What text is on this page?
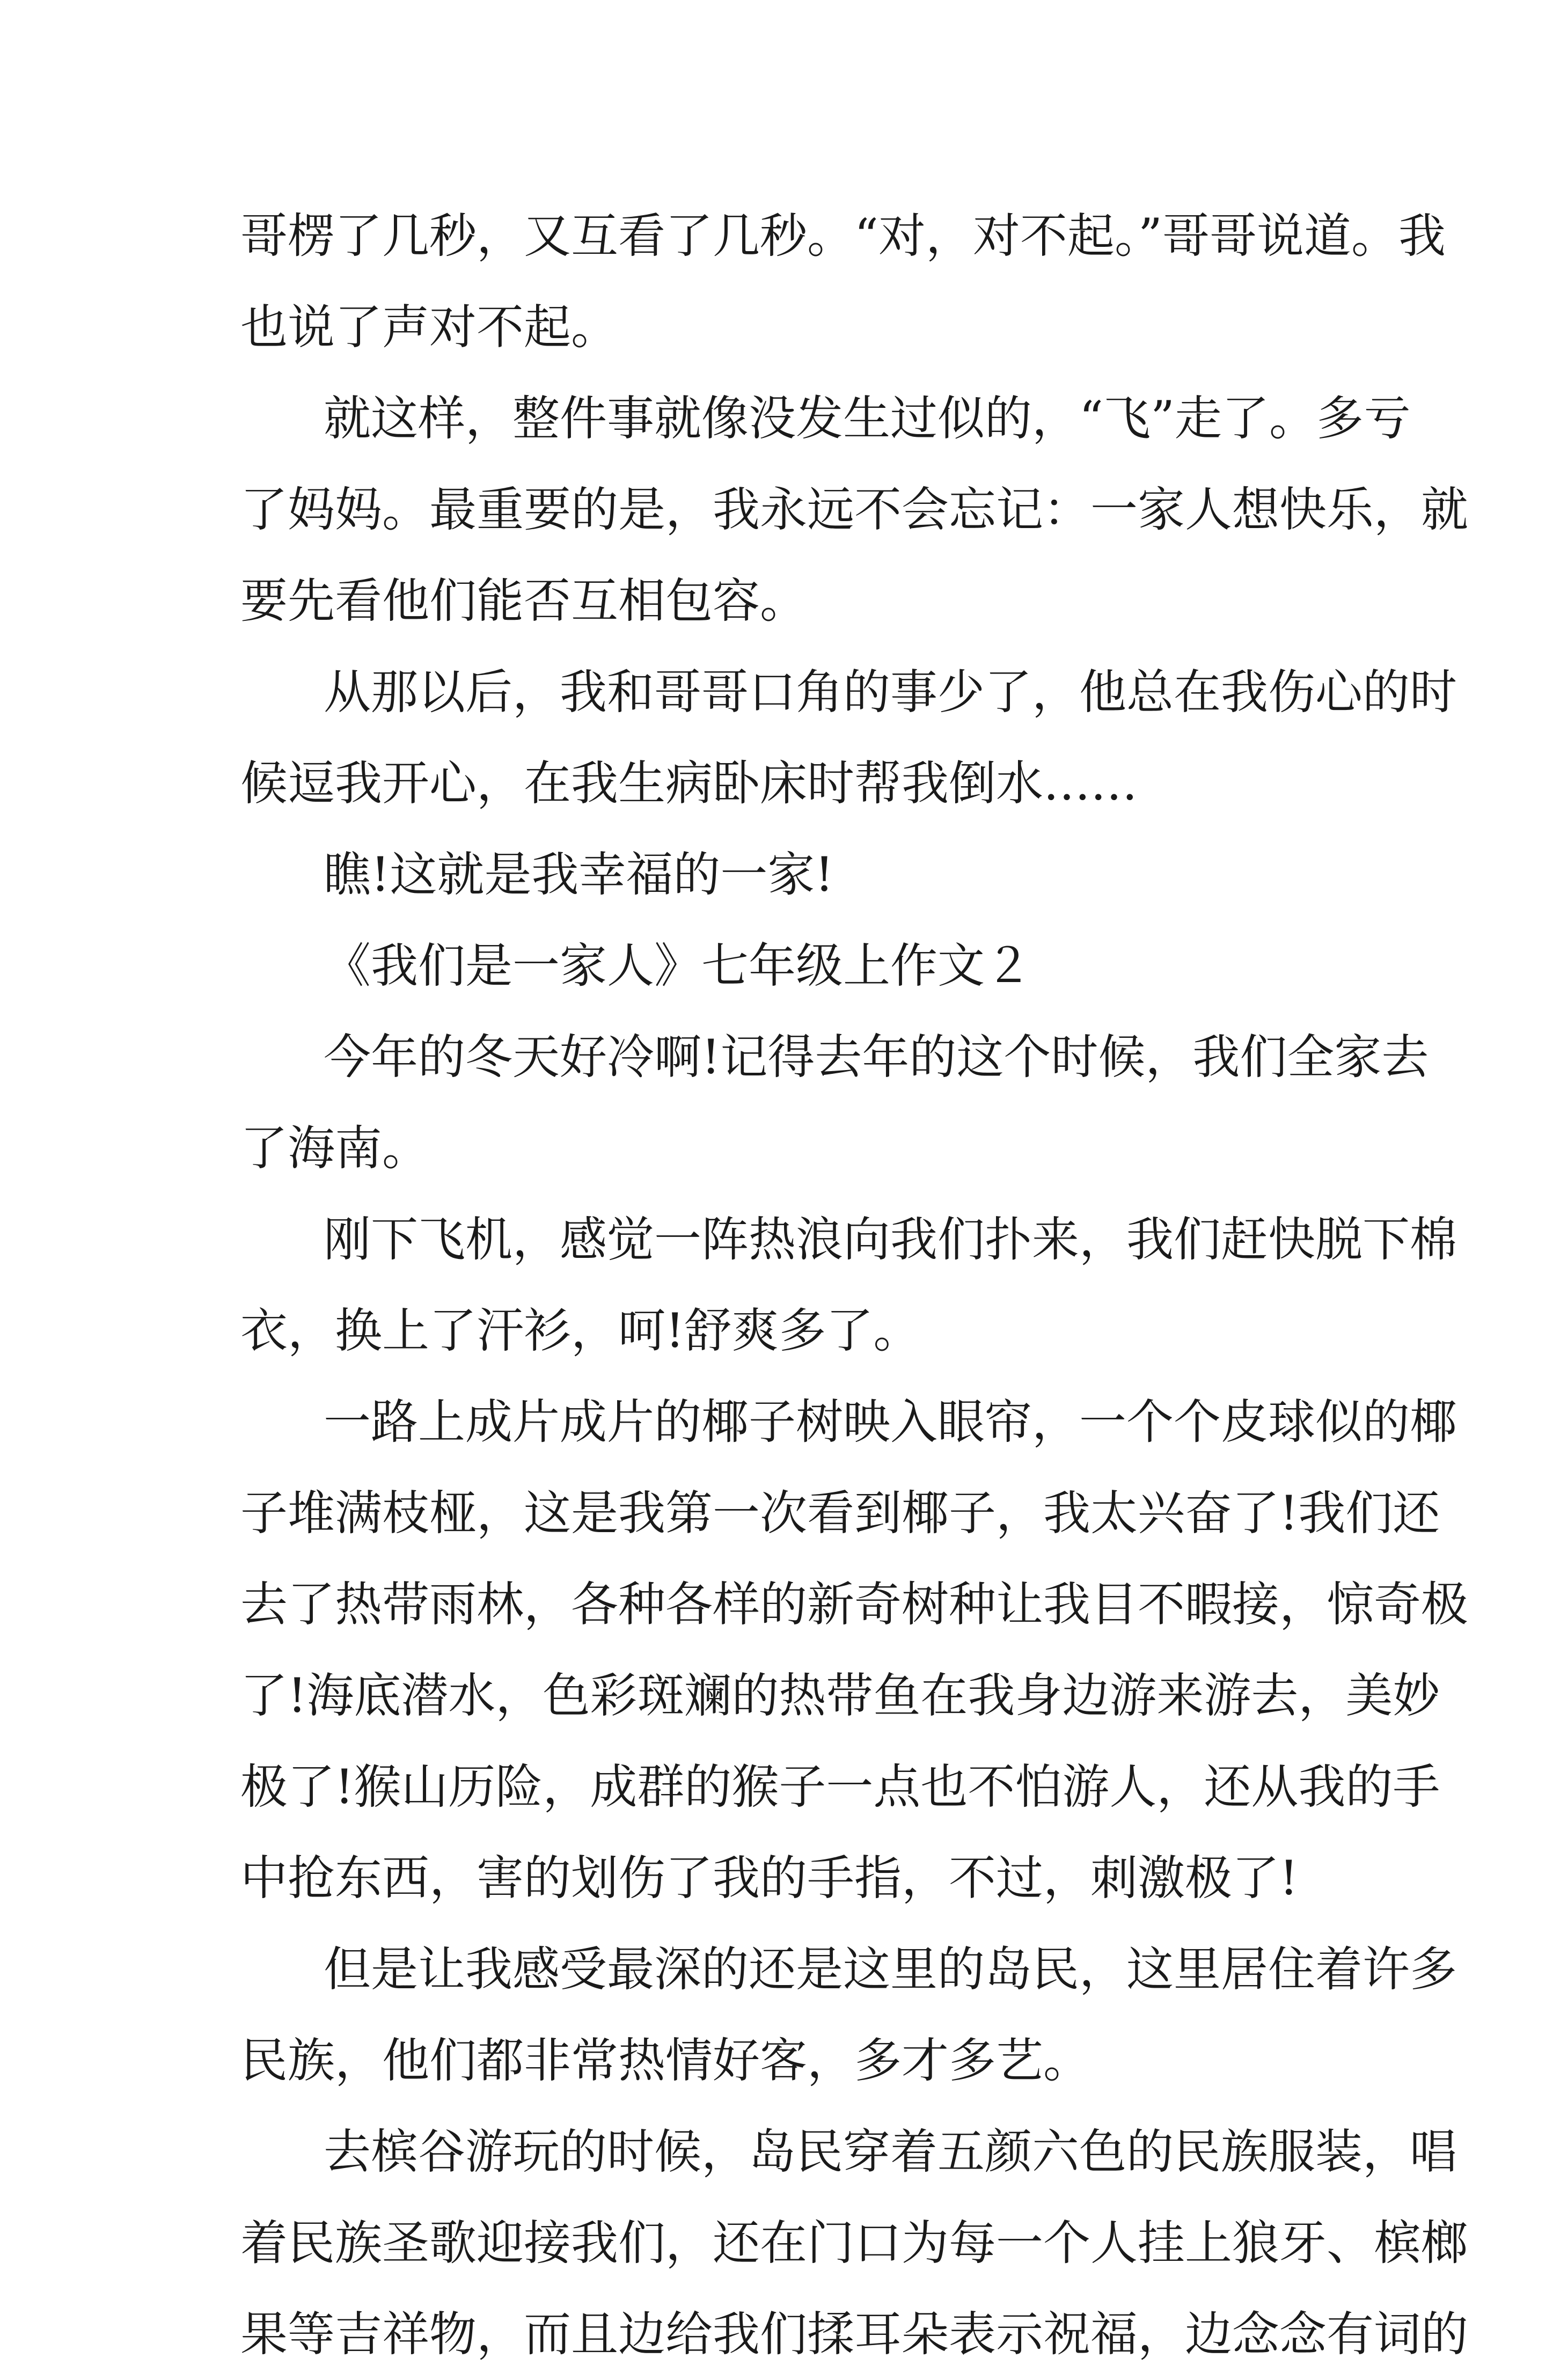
哥楞了几秒，又互看了几秒。“对，对不起。”哥哥说道。我
也说了声对不起。
就这样，整件事就像没发生过似的，“飞”走了。多亏
了妈妈。最重要的是，我永远不会忘记：一家人想快乐，就
要先看他们能否互相包容。
从那以后，我和哥哥口角的事少了，他总在我伤心的时
候逗我开心，在我生病卧床时帮我倒水……
瞧!这就是我幸福的一家!
《我们是一家人》七年级上作文２
今年的冬天好冷啊!记得去年的这个时候，我们全家去
了海南。
刚下飞机，感觉一阵热浪向我们扑来，我们赶快脱下棉
衣，换上了汗衫，呵!舒爽多了。
一路上成片成片的椰子树映入眼帘，一个个皮球似的椰
子堆满枝桠，这是我第一次看到椰子，我太兴奋了!我们还
去了热带雨林，各种各样的新奇树种让我目不暇接，惊奇极
了!海底潜水，色彩斑斓的热带鱼在我身边游来游去，美妙
极了!猴山历险，成群的猴子一点也不怕游人，还从我的手
中抢东西，害的划伤了我的手指，不过，刺激极了!
但是让我感受最深的还是这里的岛民，这里居住着许多
民族，他们都非常热情好客，多才多艺。
去槟谷游玩的时候，岛民穿着五颜六色的民族服装，唱
着民族圣歌迎接我们，还在门口为每一个人挂上狼牙、槟榔
果等吉祥物，而且边给我们揉耳朵表示祝福，边念念有词的
